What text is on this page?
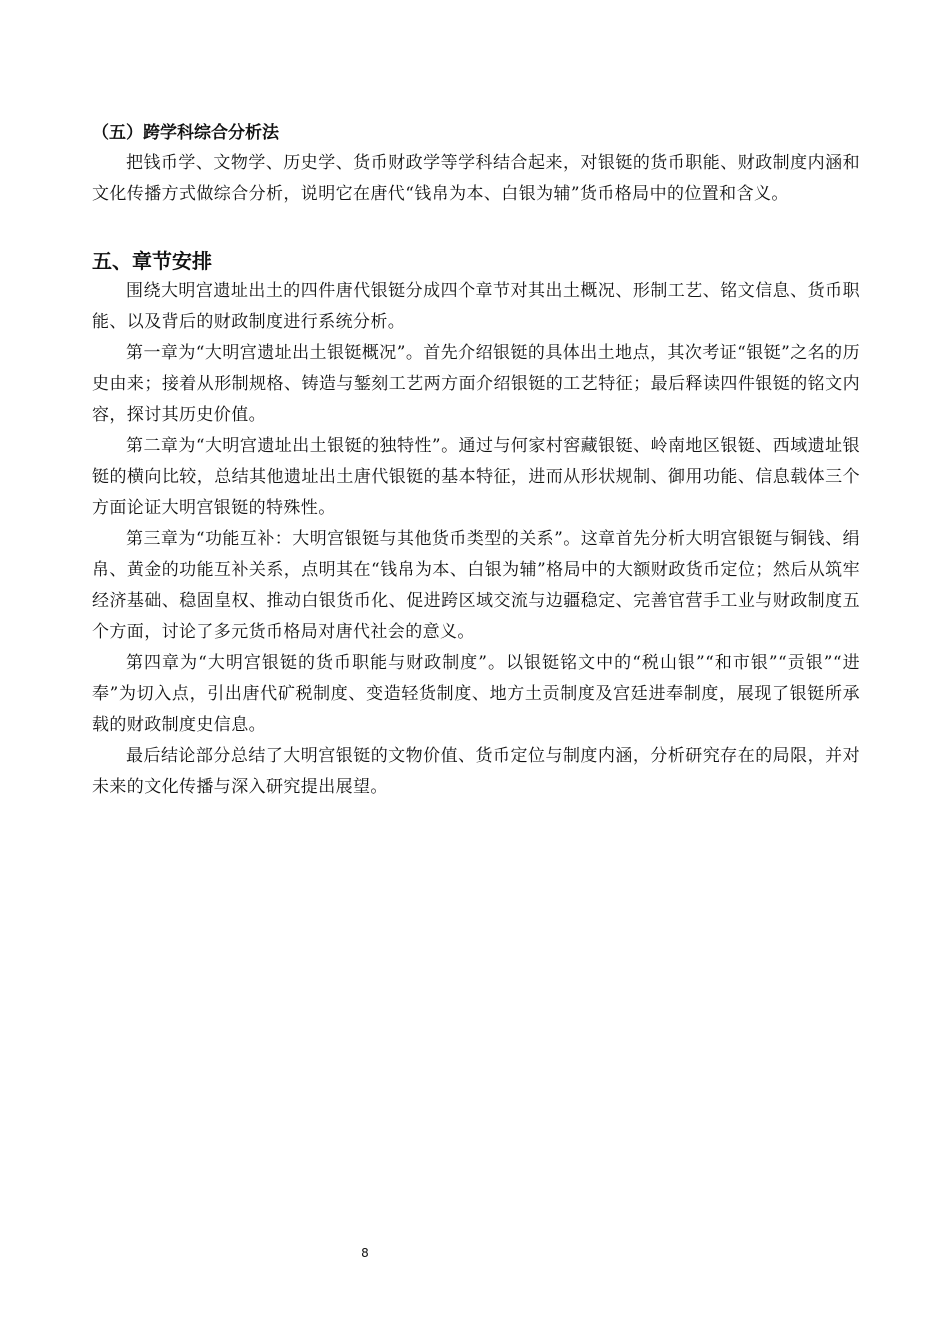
（五）跨学科综合分析法

把钱币学、文物学、历史学、货币财政学等学科结合起来，对银铤的货币职能、财政制度内涵和文化传播方式做综合分析，说明它在唐代“钱帛为本、白银为辅”货币格局中的位置和含义。

五、章节安排

围绕大明宫遗址出土的四件唐代银铤分成四个章节对其出土概况、形制工艺、铭文信息、货币职能、以及背后的财政制度进行系统分析。

第一章为“大明宫遗址出土银铤概况”。首先介绍银铤的具体出土地点，其次考证“银铤”之名的历史由来；接着从形制规格、铸造与錾刻工艺两方面介绍银铤的工艺特征；最后释读四件银铤的铭文内容，探讨其历史价值。

第二章为“大明宫遗址出土银铤的独特性”。通过与何家村窖藏银铤、岭南地区银铤、西域遗址银铤的横向比较，总结其他遗址出土唐代银铤的基本特征，进而从形状规制、御用功能、信息载体三个方面论证大明宫银铤的特殊性。

第三章为“功能互补：大明宫银铤与其他货币类型的关系”。这章首先分析大明宫银铤与铜钱、绢帛、黄金的功能互补关系，点明其在“钱帛为本、白银为辅”格局中的大额财政货币定位；然后从筑牢经济基础、稳固皇权、推动白银货币化、促进跨区域交流与边疆稳定、完善官营手工业与财政制度五个方面，讨论了多元货币格局对唐代社会的意义。

第四章为“大明宫银铤的货币职能与财政制度”。以银铤铭文中的“税山银”“和市银”“贡银”“进奉”为切入点，引出唐代矿税制度、变造轻货制度、地方土贡制度及宫廷进奉制度，展现了银铤所承载的财政制度史信息。

最后结论部分总结了大明宫银铤的文物价值、货币定位与制度内涵，分析研究存在的局限，并对未来的文化传播与深入研究提出展望。

8
